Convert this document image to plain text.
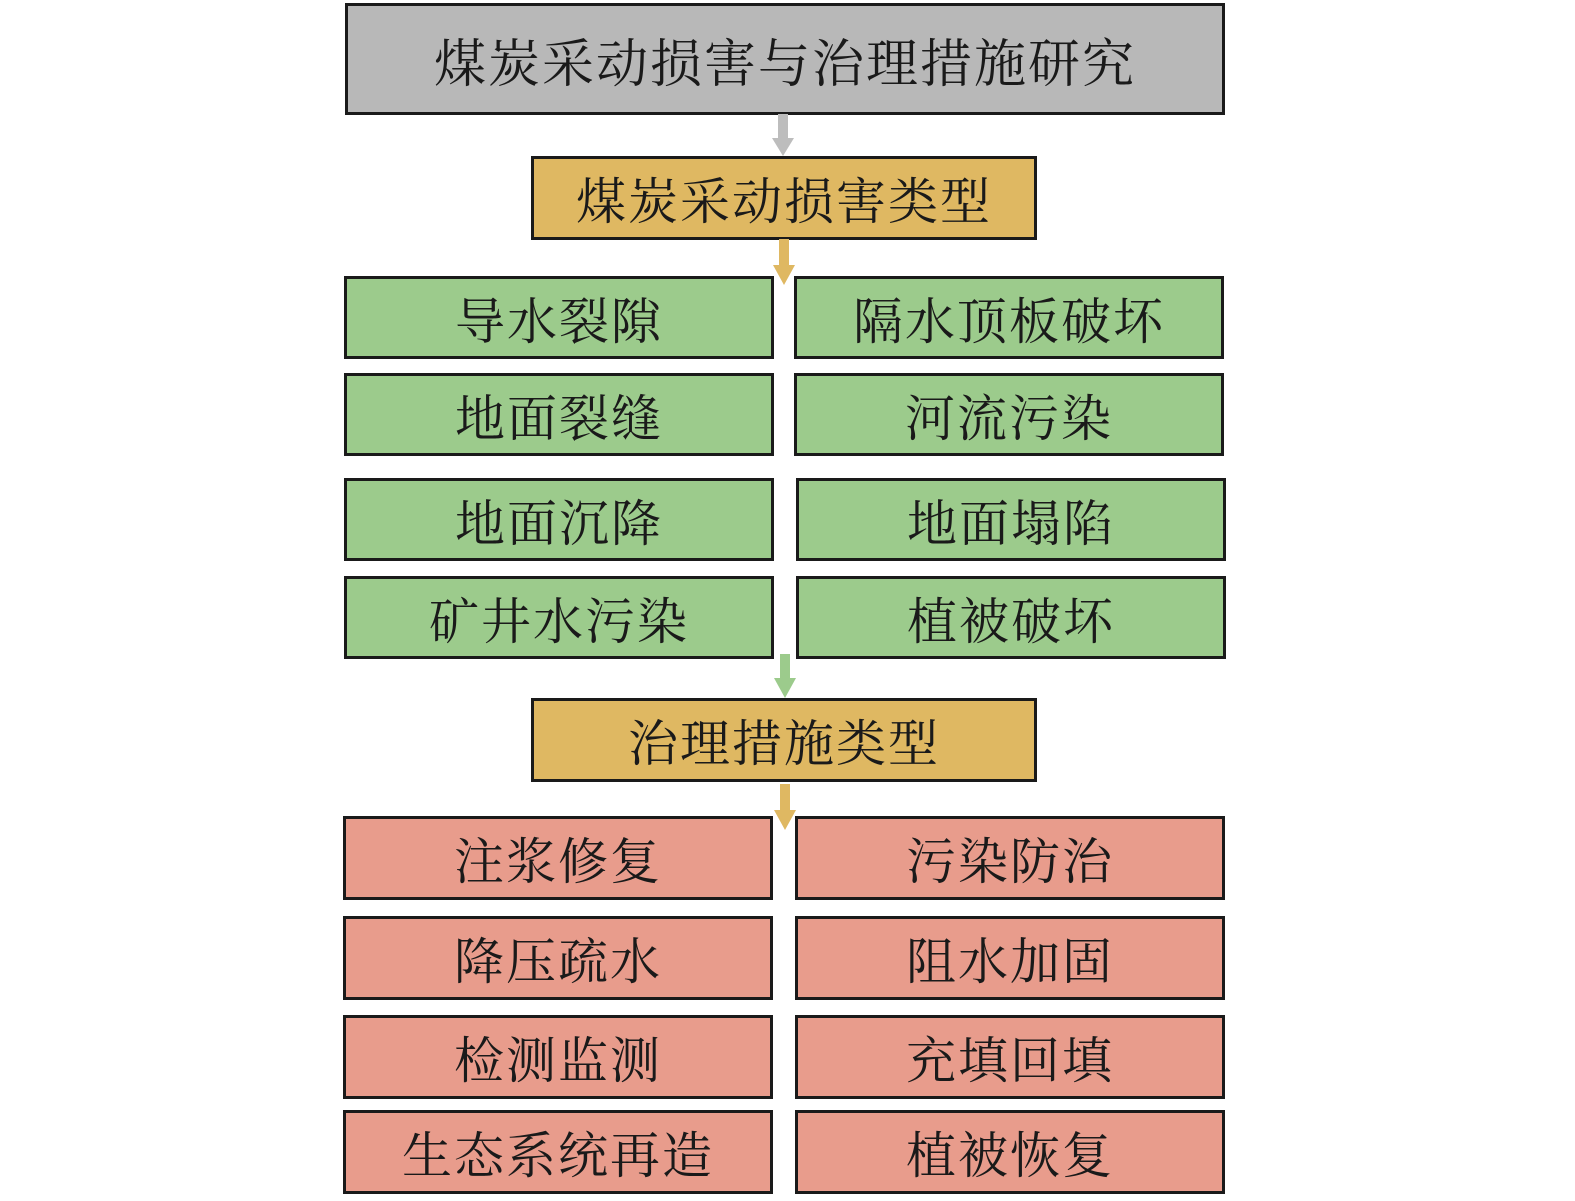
煤炭采动损害与治理措施研究
煤炭采动损害类型
导水裂隙	隔水顶板破坏
地面裂缝	河流污染
地面沉降	地面塌陷
矿井水污染	植被破坏
治理措施类型
注浆修复	污染防治
降压疏水	阻水加固
检测监测	充填回填
生态系统再造	植被恢复
